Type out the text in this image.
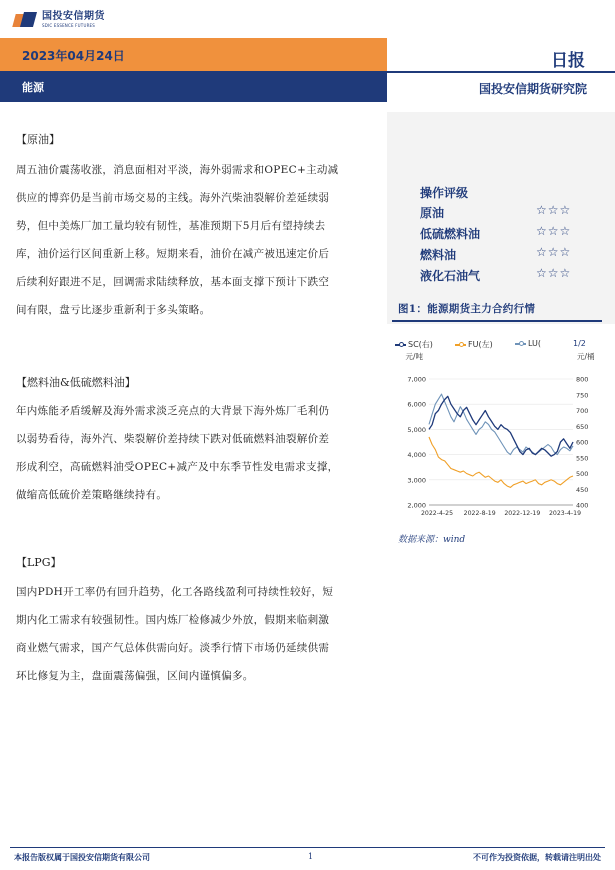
国投安信期货
SDIC ESSENCE FUTURES
2023年04月24日
能源
日报
国投安信期货研究院
【原油】
周五油价震荡收涨，消息面相对平淡，海外弱需求和OPEC+主动减
供应的博弈仍是当前市场交易的主线。海外汽柴油裂解价差延续弱
势，但中美炼厂加工量均较有韧性，基准预期下5月后有望持续去
库，油价运行区间重新上移。短期来看，油价在减产被迅速定价后
后续利好跟进不足，回调需求陆续释放，基本面支撑下预计下跌空
间有限，盘亏比逐步重新利于多头策略。
【燃料油&低硫燃料油】
年内炼能矛盾缓解及海外需求淡乏亮点的大背景下海外炼厂毛利仍
以弱势看待，海外汽、柴裂解价差持续下跌对低硫燃料油裂解价差
形成利空，高硫燃料油受OPEC+减产及中东季节性发电需求支撑，
做缩高低硫价差策略继续持有。
【LPG】
国内PDH开工率仍有回升趋势，化工各路线盈利可持续性较好，短
期内化工需求有较强韧性。国内炼厂检修减少外放，假期来临刺激
商业燃气需求，国产气总体供需向好。淡季行情下市场仍延续供需
环比修复为主，盘面震荡偏强，区间内谨慎偏多。
操作评级
原油	☆☆☆
低硫燃料油	☆☆☆
燃料油	☆☆☆
液化石油气	☆☆☆
图1：能源期货主力合约行情
SC(右)	FU(左)	LU(	1/2
元/吨	元/桶
2,000
3,000
4,000
5,000
6,000
7,000
400
450
500
550
600
650
700
750
800
2022-4-25 2022-8-19 2022-12-19 2023-4-19
数据来源：wind
本报告版权属于国投安信期货有限公司	1	不可作为投资依据，转载请注明出处
